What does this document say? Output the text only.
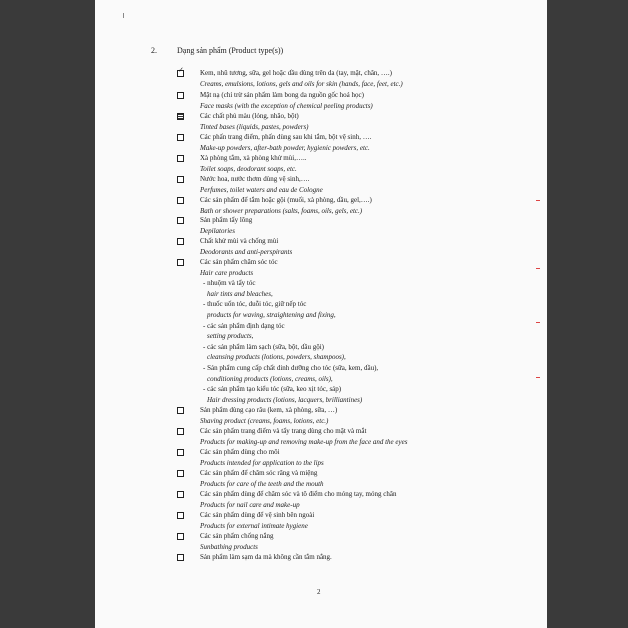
2.	Dạng sản phẩm (Product type(s))
✓
Kem, nhũ tương, sữa, gel hoặc dầu dùng trên da (tay, mặt, chân, ….)
Creams, emulsions, lotions, gels and oils for skin (hands, face, feet, etc.)
Mặt nạ (chỉ trừ sản phẩm làm bong da nguồn gốc hoá học)
Face masks (with the exception of chemical peeling products)
Các chất phủ màu (lỏng, nhão, bột)
Tinted bases (liquids, pastes, powders)
Các phấn trang điểm, phấn dùng sau khi tắm, bột vệ sinh, ….
Make-up powders, after-bath powder, hygienic powders, etc.
Xà phòng tắm, xà phòng khử mùi,…..
Toilet soaps, deodorant soaps, etc.
Nước hoa, nước thơm dùng vệ sinh,….
Perfumes, toilet waters and eau de Cologne
Các sản phẩm để tắm hoặc gội (muối, xà phòng, dầu, gel,….)
Bath or shower preparations (salts, foams, oils, gels, etc.)
Sản phẩm tẩy lông
Depilatories
Chất khử mùi và chống mùi
Deodorants and anti-perspirants
Các sản phẩm chăm sóc tóc
Hair care products
- nhuộm và tẩy tóc
hair tints and bleaches,
- thuốc uốn tóc, duỗi tóc, giữ nếp tóc
products for waving, straightening and fixing,
- các sản phẩm định dạng tóc
setting products,
- các sản phẩm làm sạch (sữa, bột, dầu gội)
cleansing products (lotions, powders, shampoos),
- Sản phẩm cung cấp chất dinh dưỡng cho tóc (sữa, kem, dầu),
conditioning products (lotions, creams, oils),
- các sản phẩm tạo kiểu tóc (sữa, keo xịt tóc, sáp)
Hair dressing products (lotions, lacquers, brilliantines)
Sản phẩm dùng cạo râu (kem, xà phòng, sữa, …)
Shaving product (creams, foams, lotions, etc.)
Các sản phẩm trang điểm và tẩy trang dùng cho mặt và mắt
Products for making-up and removing make-up from the face and the eyes
Các sản phẩm dùng cho môi
Products intended for application to the lips
Các sản phẩm để chăm sóc răng và miệng
Products for care of the teeth and the mouth
Các sản phẩm dùng để chăm sóc và tô điểm cho móng tay, móng chân
Products for nail care and make-up
Các sản phẩm dùng để vệ sinh bên ngoài
Products for external intimate hygiene
Các sản phẩm chống nắng
Sunbathing products
Sản phẩm làm sạm da mà không cần tắm nắng.
2
